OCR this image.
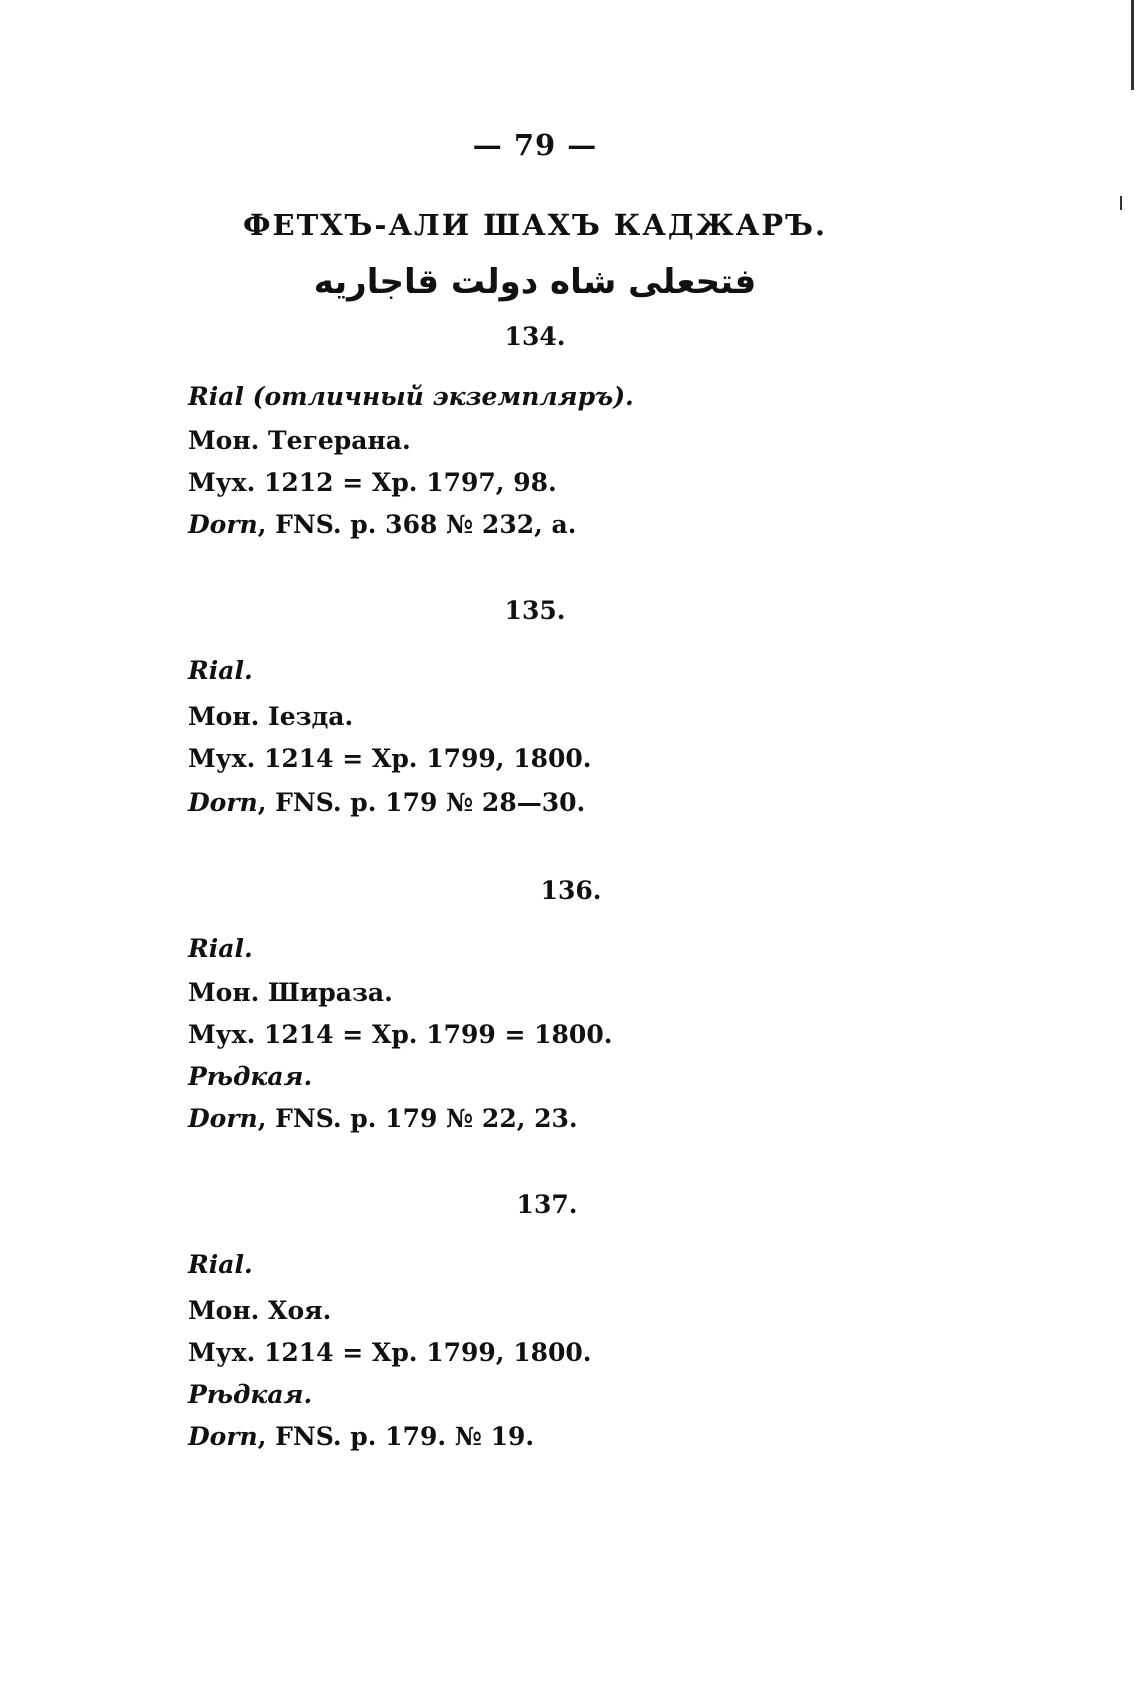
— 79 —
ФЕТХЪ-АЛИ ШАХЪ КАДЖАРЪ.
فتحعلی شاه دولت قاجاریه
134.
Rial (отличный экземпляръ).
Мон. Тегерана.
Мух. 1212 = Хр. 1797, 98.
Dorn, FNS. p. 368 № 232, a.
135.
Rial.
Мон. Іезда.
Мух. 1214 = Хр. 1799, 1800.
Dorn, FNS. p. 179 № 28—30.
136.
Rial.
Мон. Шираза.
Мух. 1214 = Хр. 1799 = 1800.
Рѣдкая.
Dorn, FNS. p. 179 № 22, 23.
137.
Rial.
Мон. Хоя.
Мух. 1214 = Хр. 1799, 1800.
Рѣдкая.
Dorn, FNS. p. 179. № 19.
